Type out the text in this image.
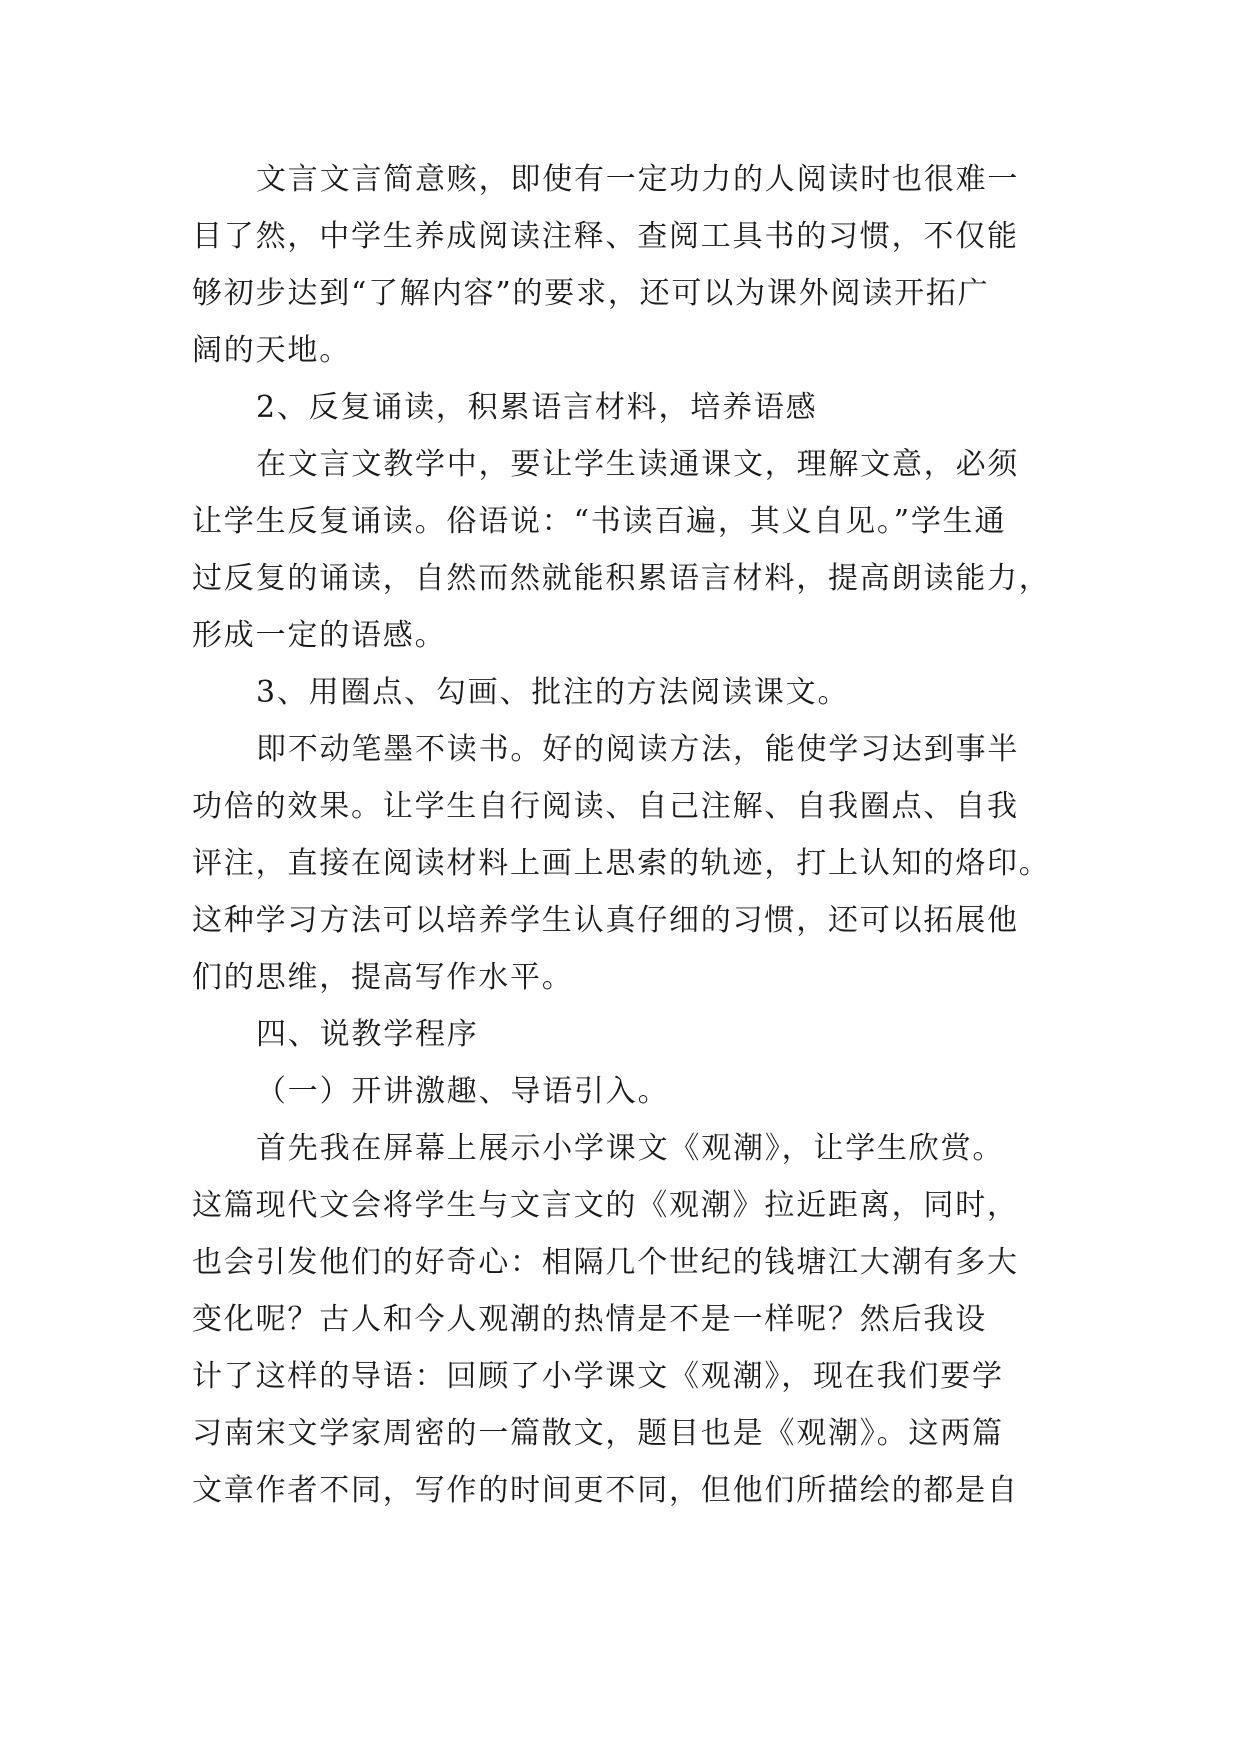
文言文言简意赅，即使有一定功力的人阅读时也很难一
目了然，中学生养成阅读注释、查阅工具书的习惯，不仅能
够初步达到“了解内容”的要求，还可以为课外阅读开拓广
阔的天地。
2、反复诵读，积累语言材料，培养语感
在文言文教学中，要让学生读通课文，理解文意，必须
让学生反复诵读。俗语说：“书读百遍，其义自见。”学生通
过反复的诵读，自然而然就能积累语言材料，提高朗读能力，
形成一定的语感。
3、用圈点、勾画、批注的方法阅读课文。
即不动笔墨不读书。好的阅读方法，能使学习达到事半
功倍的效果。让学生自行阅读、自己注解、自我圈点、自我
评注，直接在阅读材料上画上思索的轨迹，打上认知的烙印。
这种学习方法可以培养学生认真仔细的习惯，还可以拓展他
们的思维，提高写作水平。
四、说教学程序
（一）开讲激趣、导语引入。
首先我在屏幕上展示小学课文《观潮》，让学生欣赏。
这篇现代文会将学生与文言文的《观潮》拉近距离，同时，
也会引发他们的好奇心：相隔几个世纪的钱塘江大潮有多大
变化呢？古人和今人观潮的热情是不是一样呢？然后我设
计了这样的导语：回顾了小学课文《观潮》，现在我们要学
习南宋文学家周密的一篇散文，题目也是《观潮》。这两篇
文章作者不同，写作的时间更不同，但他们所描绘的都是自
